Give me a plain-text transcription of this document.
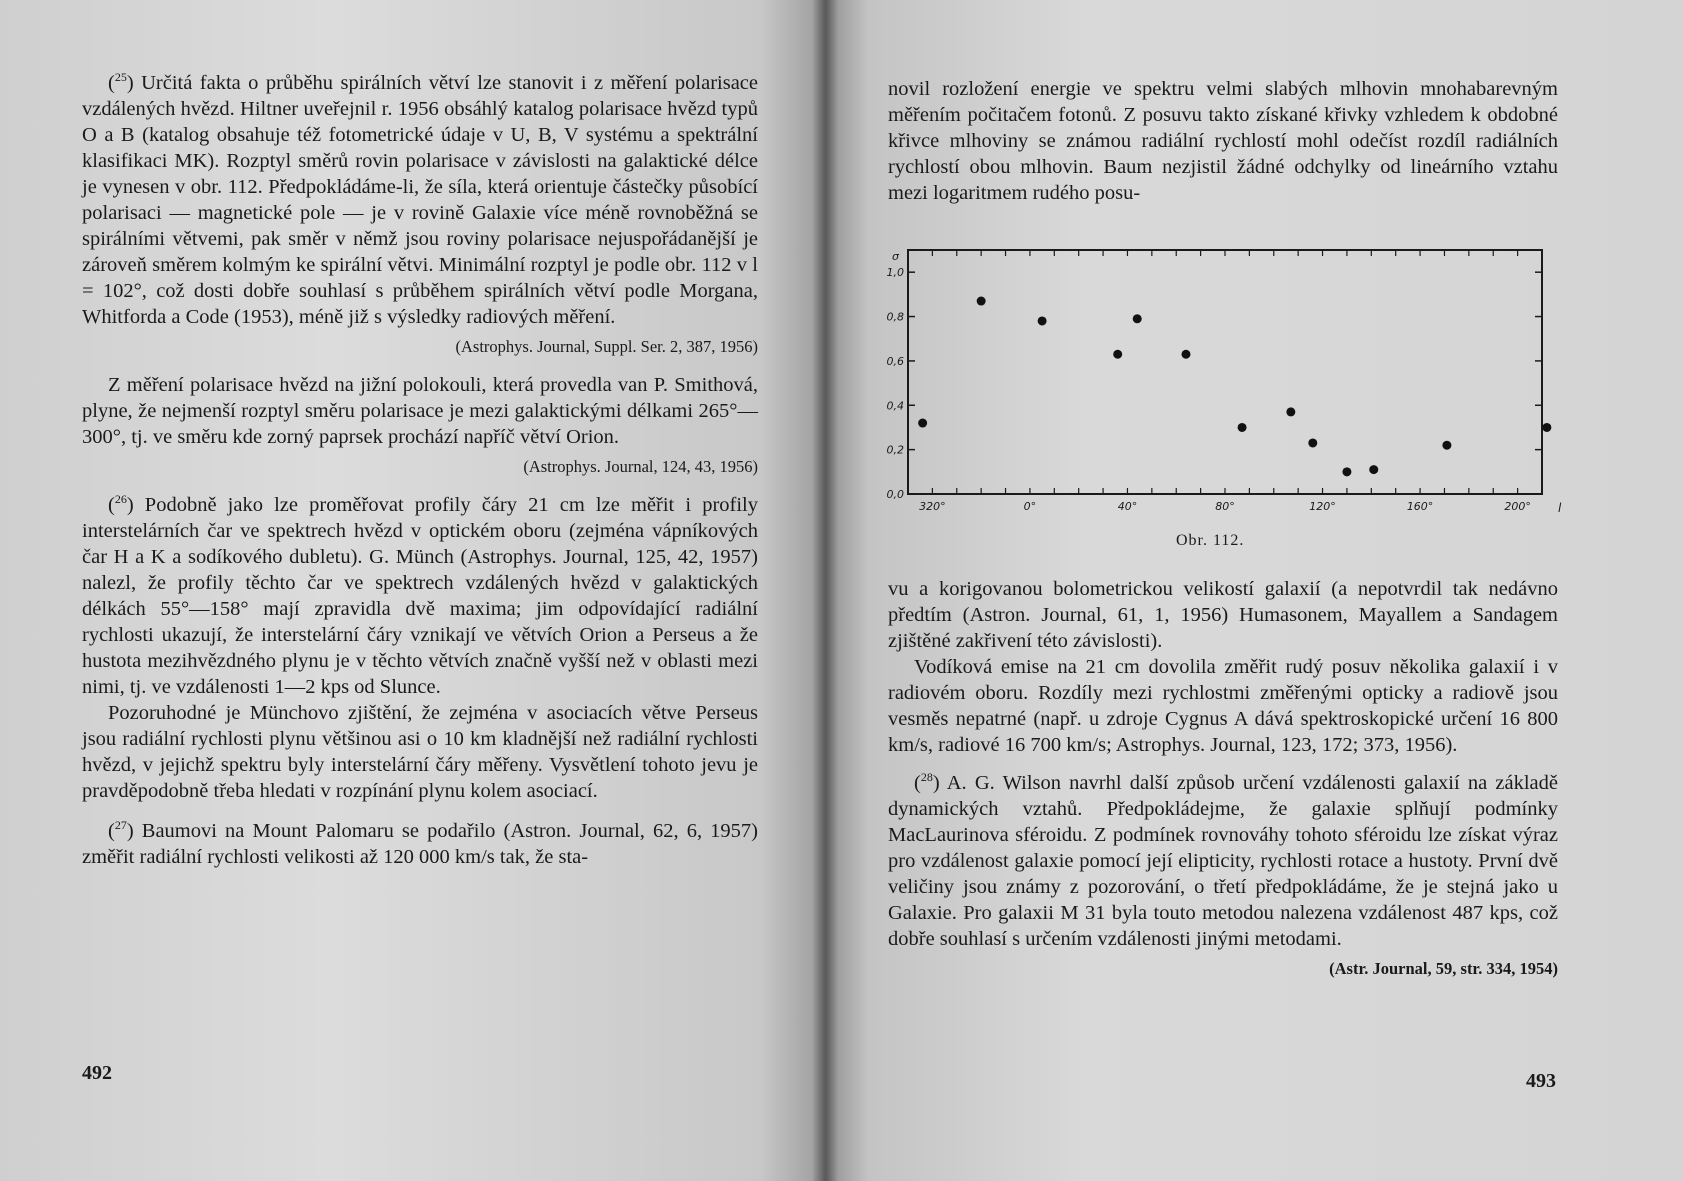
($^{25}$) Určitá fakta o průběhu spirálních větví lze stanovit i z měření polarisace vzdálených hvězd. Hiltner uveřejnil r. 1956 obsáhlý katalog polarisace hvězd typů O a B (katalog obsahuje též fotometrické údaje v U, B, V systému a spektrální klasifikaci MK). Rozptyl směrů rovin polarisace v závislosti na galaktické délce je vynesen v obr. 112. Předpokládáme-li, že síla, která orientuje částečky působící polarisaci — magnetické pole — je v rovině Galaxie více méně rovnoběžná se spirálními větvemi, pak směr v němž jsou roviny polarisace nejuspořádanější je zároveň směrem kolmým ke spirální větvi. Minimální rozptyl je podle obr. 112 v l = 102°, což dosti dobře souhlasí s průběhem spirálních větví podle Morgana, Whitforda a Code (1953), méně již s výsledky radiových měření.

(Astrophys. Journal, Suppl. Ser. 2, 387, 1956)

Z měření polarisace hvězd na jižní polokouli, která provedla van P. Smithová, plyne, že nejmenší rozptyl směru polarisace je mezi galaktickými délkami 265°—300°, tj. ve směru kde zorný paprsek prochází napříč větví Orion.

(Astrophys. Journal, 124, 43, 1956)

($^{26}$) Podobně jako lze proměřovat profily čáry 21 cm lze měřit i profily interstelárních čar ve spektrech hvězd v optickém oboru (zejména vápníkových čar H a K a sodíkového dubletu). G. Münch (Astrophys. Journal, 125, 42, 1957) nalezl, že profily těchto čar ve spektrech vzdálených hvězd v galaktických délkách 55°—158° mají zpravidla dvě maxima; jim odpovídající radiální rychlosti ukazují, že interstelární čáry vznikají ve větvích Orion a Perseus a že hustota mezihvězdného plynu je v těchto větvích značně vyšší než v oblasti mezi nimi, tj. ve vzdálenosti 1—2 kps od Slunce.

Pozoruhodné je Münchovo zjištění, že zejména v asociacích větve Perseus jsou radiální rychlosti plynu většinou asi o 10 km kladnější než radiální rychlosti hvězd, v jejichž spektru byly interstelární čáry měřeny. Vysvětlení tohoto jevu je pravděpodobně třeba hledati v rozpínání plynu kolem asociací.

($^{27}$) Baumovi na Mount Palomaru se podařilo (Astron. Journal, 62, 6, 1957) změřit radiální rychlosti velikosti až 120 000 km/s tak, že sta-

492

novil rozložení energie ve spektru velmi slabých mlhovin mnohabarevným měřením počitačem fotonů. Z posuvu takto získané křivky vzhledem k obdobné křivce mlhoviny se známou radiální rychlostí mohl odečíst rozdíl radiálních rychlostí obou mlhovin. Baum nezjistil žádné odchylky od lineárního vztahu mezi logaritmem rudého posu-

0,0
0,2
0,4
0,6
0,8
1,0
320°	0°	40°	80°	120°	160°	200°
σ
l
Obr. 112.

vu a korigovanou bolometrickou velikostí galaxií (a nepotvrdil tak nedávno předtím (Astron. Journal, 61, 1, 1956) Humasonem, Mayallem a Sandagem zjištěné zakřivení této závislosti).

Vodíková emise na 21 cm dovolila změřit rudý posuv několika galaxií i v radiovém oboru. Rozdíly mezi rychlostmi změřenými opticky a radiově jsou vesměs nepatrné (např. u zdroje Cygnus A dává spektroskopické určení 16 800 km/s, radiové 16 700 km/s; Astrophys. Journal, 123, 172; 373, 1956).

($^{28}$) A. G. Wilson navrhl další způsob určení vzdálenosti galaxií na základě dynamických vztahů. Předpokládejme, že galaxie splňují podmínky MacLaurinova sféroidu. Z podmínek rovnováhy tohoto sféroidu lze získat výraz pro vzdálenost galaxie pomocí její elipticity, rychlosti rotace a hustoty. První dvě veličiny jsou známy z pozorování, o třetí předpokládáme, že je stejná jako u Galaxie. Pro galaxii M 31 byla touto metodou nalezena vzdálenost 487 kps, což dobře souhlasí s určením vzdálenosti jinými metodami.

(Astr. Journal, 59, str. 334, 1954)

493
